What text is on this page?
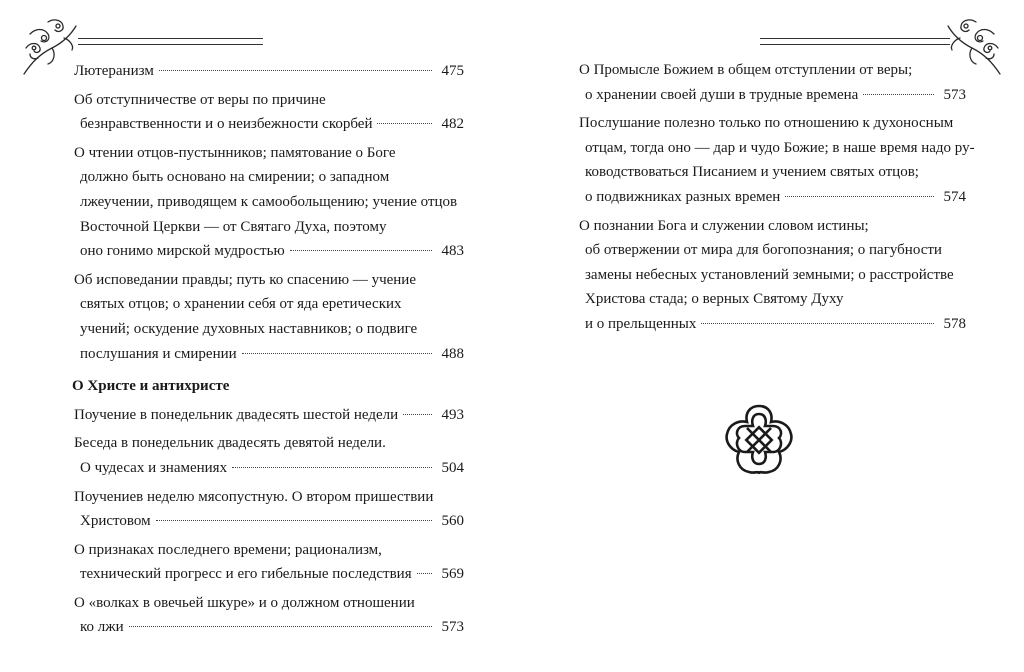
Лютеранизм	475
Об отступничестве от веры по причине
безнравственности и о неизбежности скорбей	482
О чтении отцов-пустынников; памятование о Боге
должно быть основано на смирении; о западном
лжеучении, приводящем к самообольщению; учение отцов
Восточной Церкви — от Святаго Духа, поэтому
оно гонимо мирской мудростью	483
Об исповедании правды; путь ко спасению — учение
святых отцов; о хранении себя от яда еретических
учений; оскудение духовных наставников; о подвиге
послушания и смирении	488
О Христе и антихристе
Поучение в понедельник двадесять шестой недели	493
Беседа в понедельник двадесять девятой недели.
О чудесах и знамениях	504
Поучениев неделю мясопустную. О втором пришествии
Христовом	560
О признаках последнего времени; рационализм,
технический прогресс и его гибельные последствия 569
О «волках в овечьей шкуре» и о должном отношении
ко лжи	573
О Промысле Божием в общем отступлении от веры;
о хранении своей души в трудные времена	573
Послушание полезно только по отношению к духоносным
отцам, тогда оно — дар и чудо Божие; в наше время надо ру-
ководствоваться Писанием и учением святых отцов;
о подвижниках разных времен	574
О познании Бога и служении словом истины;
об отвержении от мира для богопознания; о пагубности
замены небесных установлений земными; о расстройстве
Христова стада; о верных Святому Духу
и о прельщенных	578
